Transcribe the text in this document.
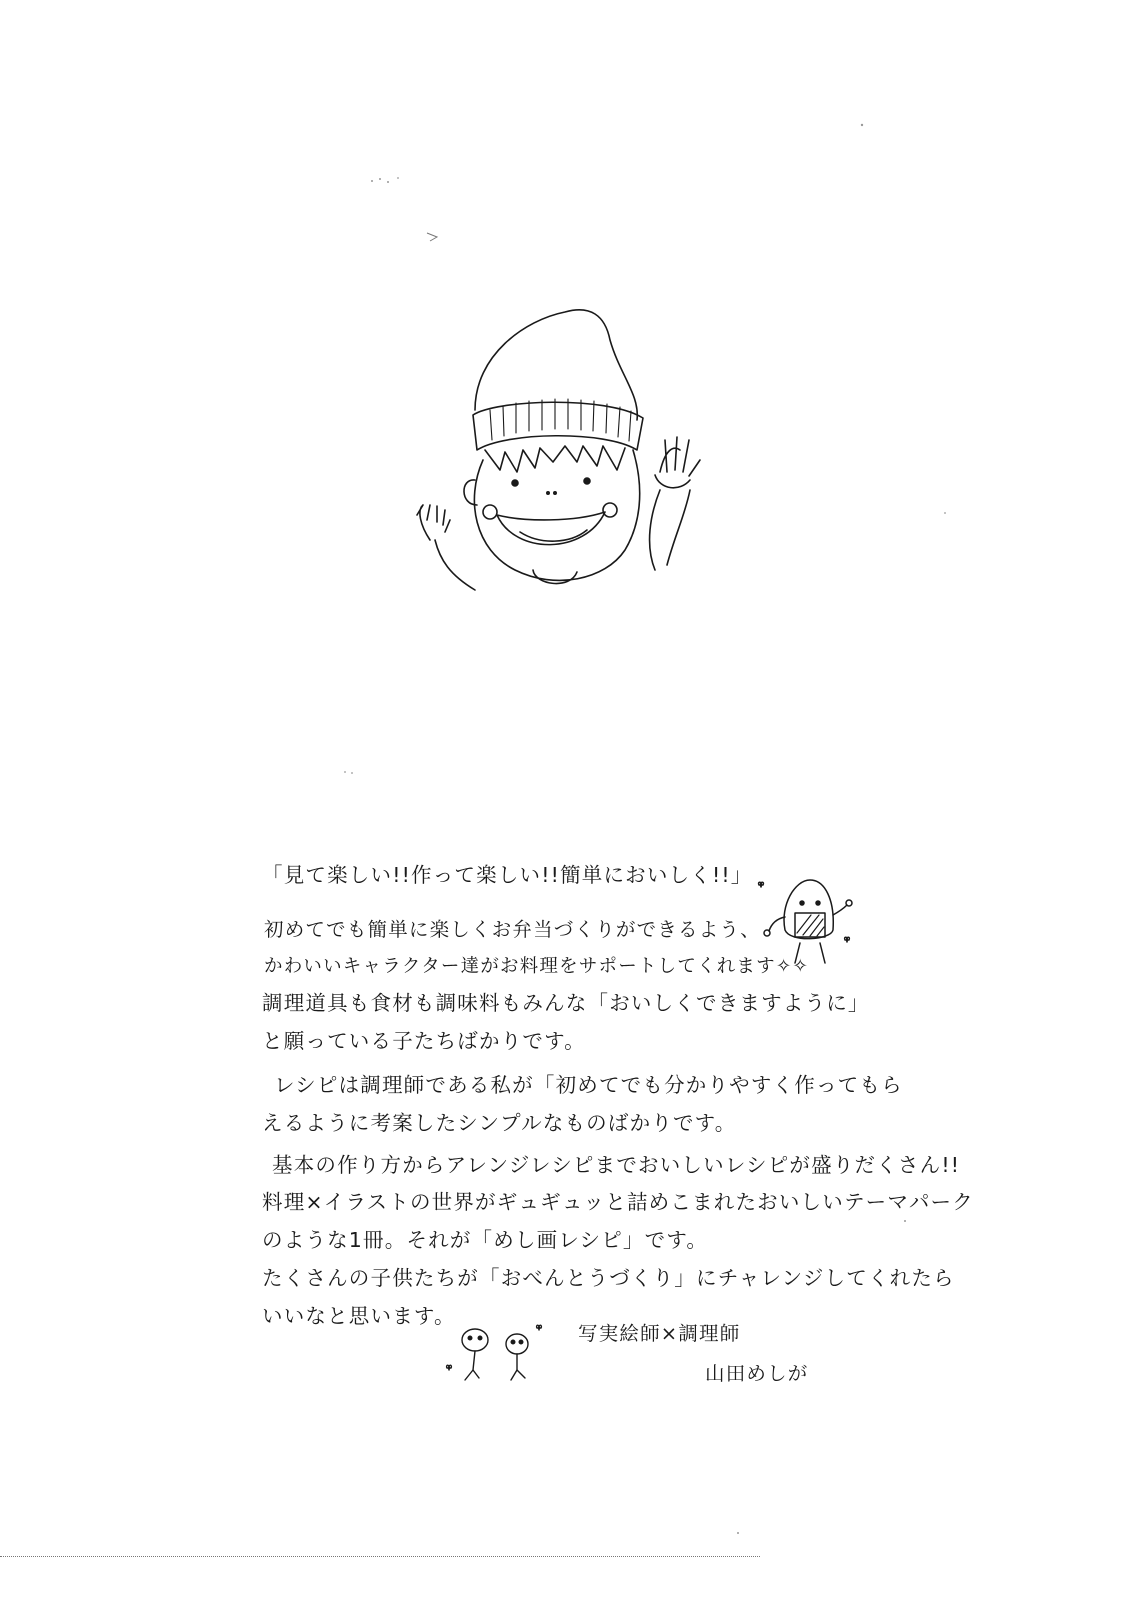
「見て楽しい!!作って楽しい!!簡単においしく!!」
初めてでも簡単に楽しくお弁当づくりができるよう、
かわいいキャラクター達がお料理をサポートしてくれます✧✧
調理道具も食材も調味料もみんな「おいしくできますように」
と願っている子たちばかりです。
レシピは調理師である私が「初めてでも分かりやすく作ってもら
えるように考案したシンプルなものばかりです。
基本の作り方からアレンジレシピまでおいしいレシピが盛りだくさん!!
料理×イラストの世界がギュギュッと詰めこまれたおいしいテーマパーク
のような1冊。それが「めし画レシピ」です。
たくさんの子供たちが「おべんとうづくり」にチャレンジしてくれたら
いいなと思います。
写実絵師×調理師
山田めしが
